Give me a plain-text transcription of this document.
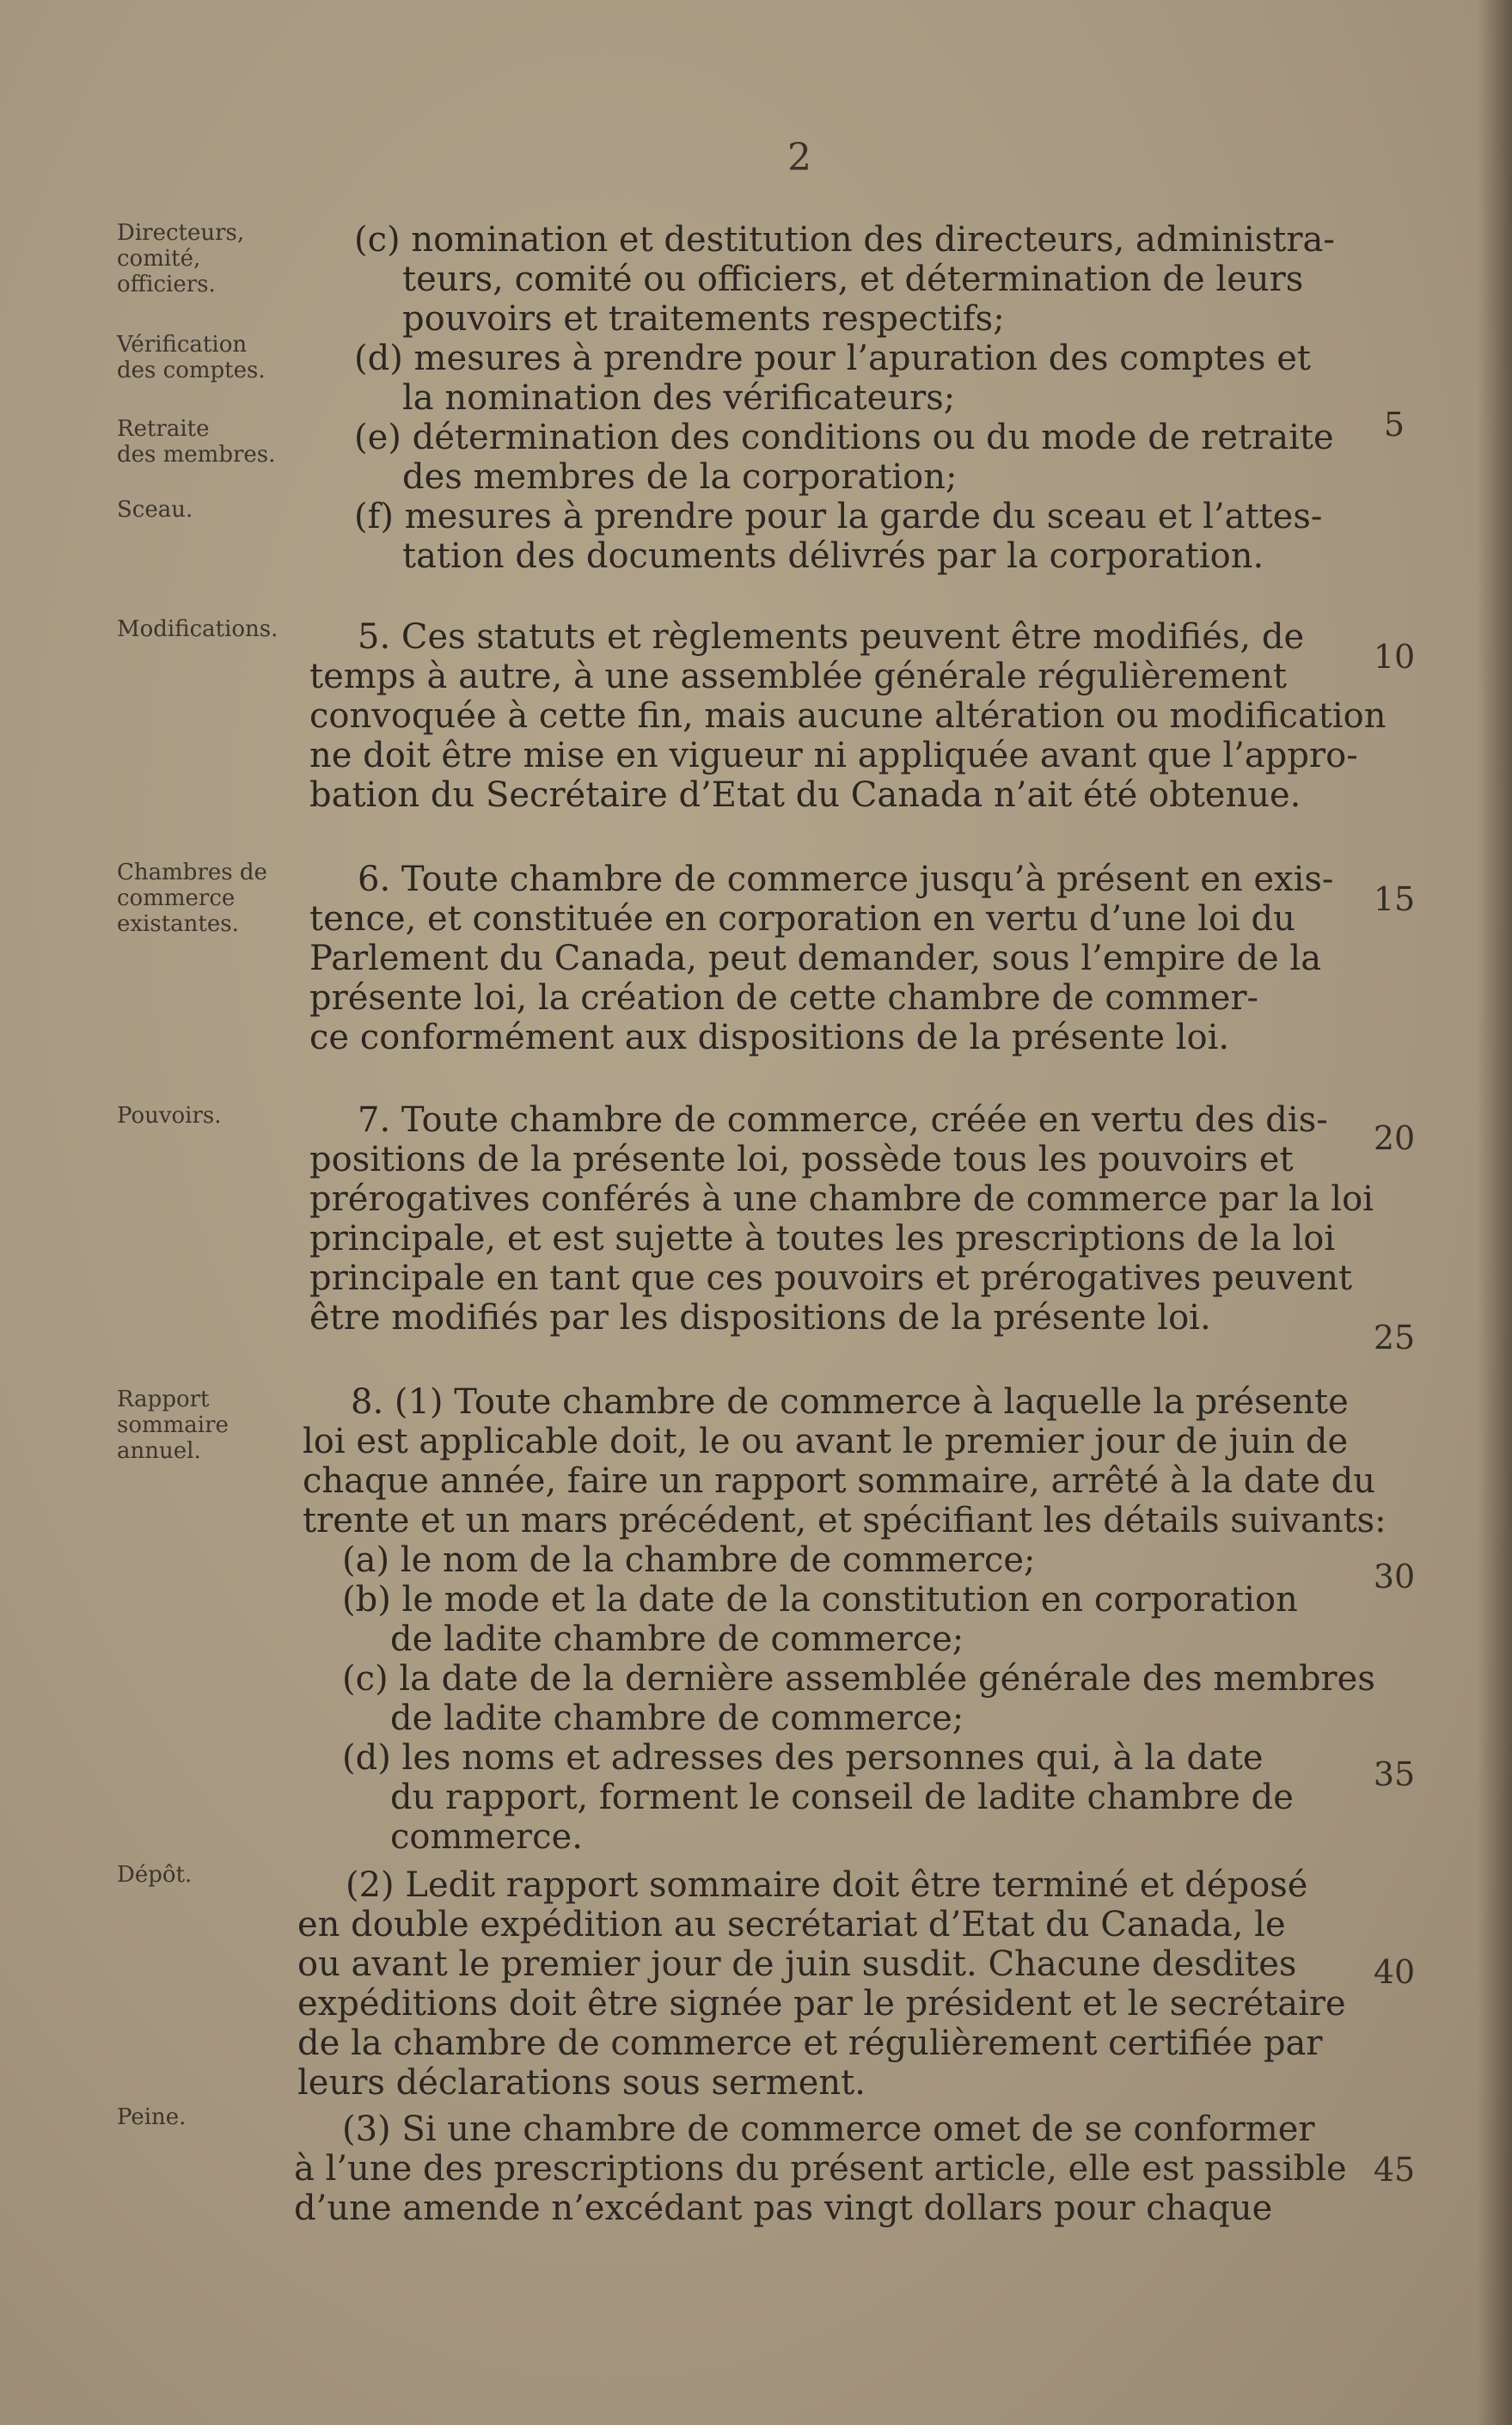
2
Directeurs,
comité,
officiers.
Vérification
des comptes.
Retraite
des membres.
Sceau.
Modifications.
Chambres de
commerce
existantes.
Pouvoirs.
Rapport
sommaire
annuel.
Dépôt.
Peine.
(c) nomination et destitution des directeurs, administra-
teurs, comité ou officiers, et détermination de leurs
pouvoirs et traitements respectifs;
(d) mesures à prendre pour l’apuration des comptes et
la nomination des vérificateurs;
(e) détermination des conditions ou du mode de retraite
des membres de la corporation;
(f) mesures à prendre pour la garde du sceau et l’attes-
tation des documents délivrés par la corporation.
5. Ces statuts et règlements peuvent être modifiés, de
temps à autre, à une assemblée générale régulièrement
convoquée à cette fin, mais aucune altération ou modification
ne doit être mise en vigueur ni appliquée avant que l’appro-
bation du Secrétaire d’Etat du Canada n’ait été obtenue.
6. Toute chambre de commerce jusqu’à présent en exis-
tence, et constituée en corporation en vertu d’une loi du
Parlement du Canada, peut demander, sous l’empire de la
présente loi, la création de cette chambre de commer-
ce conformément aux dispositions de la présente loi.
7. Toute chambre de commerce, créée en vertu des dis-
positions de la présente loi, possède tous les pouvoirs et
prérogatives conférés à une chambre de commerce par la loi
principale, et est sujette à toutes les prescriptions de la loi
principale en tant que ces pouvoirs et prérogatives peuvent
être modifiés par les dispositions de la présente loi.
8. (1) Toute chambre de commerce à laquelle la présente
loi est applicable doit, le ou avant le premier jour de juin de
chaque année, faire un rapport sommaire, arrêté à la date du
trente et un mars précédent, et spécifiant les détails suivants:
(a) le nom de la chambre de commerce;
(b) le mode et la date de la constitution en corporation
de ladite chambre de commerce;
(c) la date de la dernière assemblée générale des membres
de ladite chambre de commerce;
(d) les noms et adresses des personnes qui, à la date
du rapport, forment le conseil de ladite chambre de
commerce.
(2) Ledit rapport sommaire doit être terminé et déposé
en double expédition au secrétariat d’Etat du Canada, le
ou avant le premier jour de juin susdit. Chacune desdites
expéditions doit être signée par le président et le secrétaire
de la chambre de commerce et régulièrement certifiée par
leurs déclarations sous serment.
(3) Si une chambre de commerce omet de se conformer
à l’une des prescriptions du présent article, elle est passible
d’une amende n’excédant pas vingt dollars pour chaque
5
10
15
20
25
30
35
40
45
